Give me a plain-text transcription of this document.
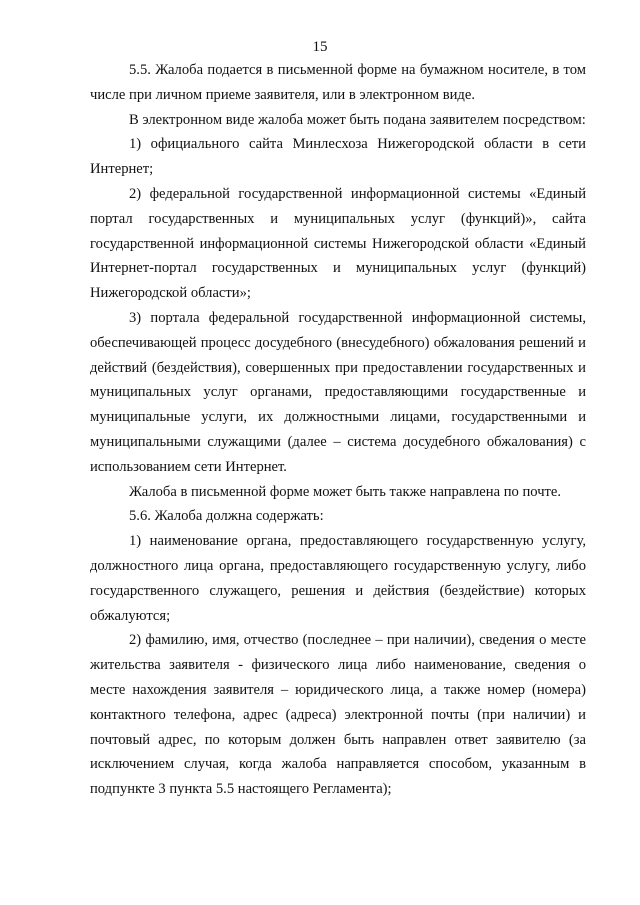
15

5.5. Жалоба подается в письменной форме на бумажном носителе, в том числе при личном приеме заявителя, или в электронном виде.

В электронном виде жалоба может быть подана заявителем посредством:

1) официального сайта Минлесхоза Нижегородской области в сети Интернет;

2) федеральной государственной информационной системы «Единый портал государственных и муниципальных услуг (функций)», сайта государственной информационной системы Нижегородской области «Единый Интернет-портал государственных и муниципальных услуг (функций) Нижегородской области»;

3) портала федеральной государственной информационной системы, обеспечивающей процесс досудебного (внесудебного) обжалования решений и действий (бездействия), совершенных при предоставлении государственных и муниципальных услуг органами, предоставляющими государственные и муниципальные услуги, их должностными лицами, государственными и муниципальными служащими (далее – система досудебного обжалования) с использованием сети Интернет.

Жалоба в письменной форме может быть также направлена по почте.

5.6. Жалоба должна содержать:

1) наименование органа, предоставляющего государственную услугу, должностного лица органа, предоставляющего государственную услугу, либо государственного служащего, решения и действия (бездействие) которых обжалуются;

2) фамилию, имя, отчество (последнее – при наличии), сведения о месте жительства заявителя - физического лица либо наименование, сведения о месте нахождения заявителя – юридического лица, а также номер (номера) контактного телефона, адрес (адреса) электронной почты (при наличии) и почтовый адрес, по которым должен быть направлен ответ заявителю (за исключением случая, когда жалоба направляется способом, указанным в подпункте 3 пункта 5.5 настоящего Регламента);
